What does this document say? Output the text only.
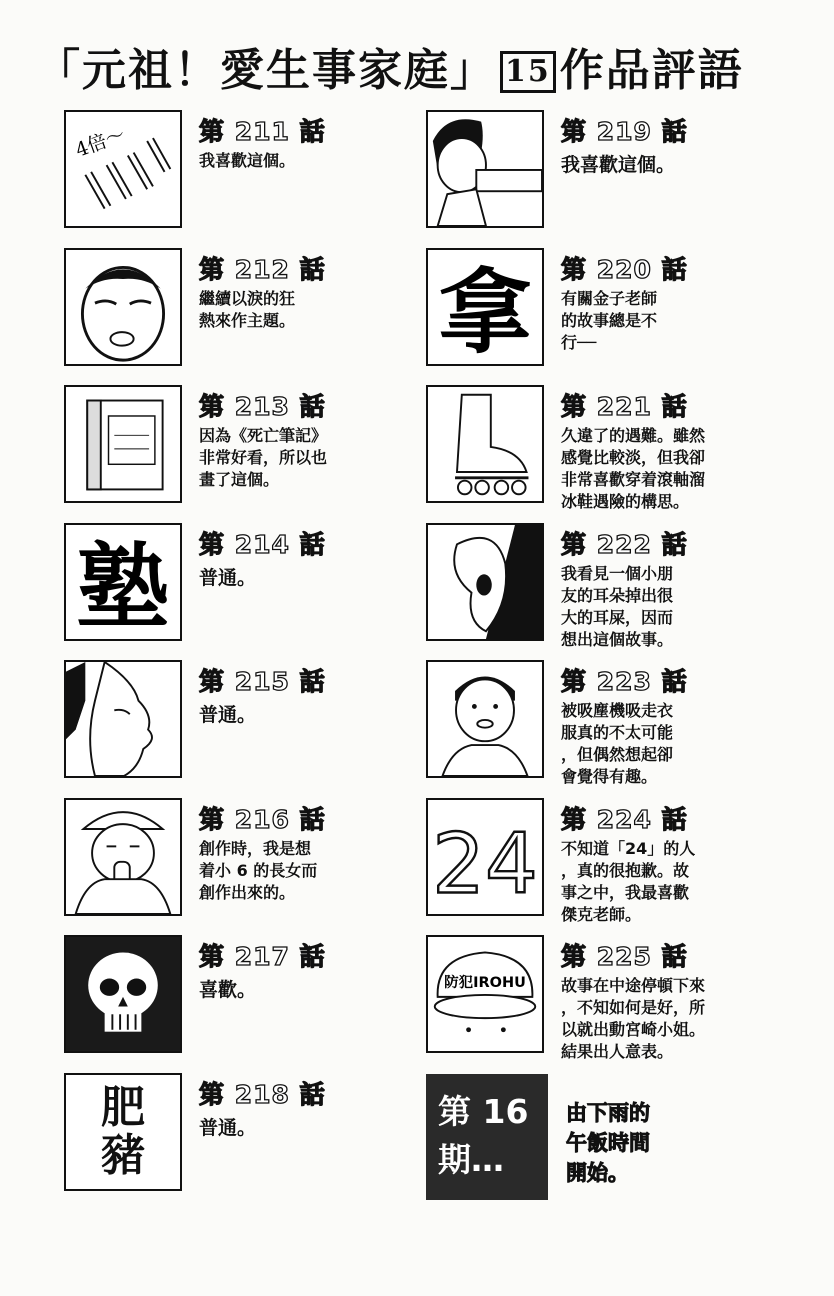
「元祖！愛生事家庭」 15 作品評語
4倍～	第 211 話
我喜歡這個。
第 212 話
繼續以淚的狂
熱來作主題。
第 213 話
因為《死亡筆記》
非常好看，所以也
畫了這個。
塾 第 214 話
普通。
第 215 話
普通。
第 216 話
創作時，我是想
着小 6 的長女而
創作出來的。
第 217 話
喜歡。
肥
豬
第 218 話
普通。
第 219 話
我喜歡這個。
拿 第 220 話
有關金子老師
的故事總是不
行──
第 221 話
久違了的遇難。雖然
感覺比較淡，但我卻
非常喜歡穿着滾軸溜
冰鞋遇險的構思。
第 222 話
我看見一個小朋
友的耳朵掉出很
大的耳屎，因而
想出這個故事。
第 223 話
被吸塵機吸走衣
服真的不太可能
，但偶然想起卻
會覺得有趣。
24 第 224 話
不知道「24」的人
，真的很抱歉。故
事之中，我最喜歡
傑克老師。
防犯IROHU
第 225 話
故事在中途停頓下來
，不知如何是好，所
以就出動宮崎小姐。
結果出人意表。
第 16
期…
由下雨的
午飯時間
開始。
